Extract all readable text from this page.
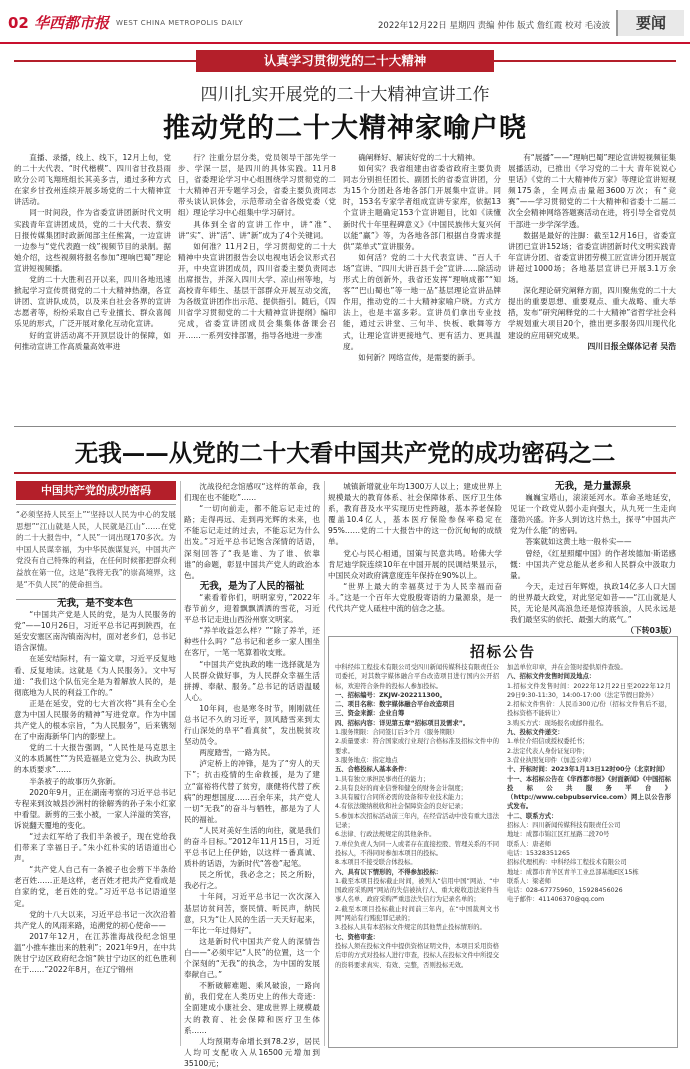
02 华西都市报 WEST CHINA METROPOLIS DAILY	2022年12月22日 星期四 责编 仲伟 版式 詹红霞 校对 毛凌波	要闻
认真学习贯彻党的二十大精神
四川扎实开展党的二十大精神宣讲工作
推动党的二十大精神家喻户晓

直播、录播，线上、线下，12月上旬，党的二十大代表、“时代楷模”、四川省甘孜县雨欧分公司飞翔班组长其美多吉，通过多种方式在家乡甘孜州连续开展多场党的二十大精神宣讲活动。

同一时间段，作为省委宣讲团新时代文明实践青年宣讲团成员，党的二十大代表、蔡安日报传媒集团时政新闻部主任熊嵩，一边宣讲一边参与“党代表跑一线”视频节目的录制。据她介绍，这些视频将报名参加“理响巴蜀”理论宣讲短视频播。

党的二十大胜利召开以来，四川各地迅速掀起学习宣传贯彻党的二十大精神热潮，各宣讲团、宣讲队成员，以及来自社会各界的宣讲志愿者等，纷纷采取自己专业擅长、群众喜闻乐见的形式，广泛开展对象化互动化宣讲。

好的宣讲活动离不开顶层设计的保障，如何推动宣讲工作高质量高效率进

行？注重分层分类，党员领导干部先学一步、学深一层，是四川的具体实践。11月8日，省委理论学习中心组围绕学习贯彻党的二十大精神召开专题学习会，省委主要负责同志带头谈认识体会，示范带动全省各级党委（党组）理论学习中心组集中学习研讨。

具体到全省的宣讲工作中，讲“准”、讲“实”、讲“活”、讲“新”成为了4个关键词。

如何准？11月2日，学习贯彻党的二十大精神中央宣讲团报告会以电视电话会议形式召开，中央宣讲团成员，四川省委主要负责同志出席报告，并深入四川大学、凉山州等地，与高校青年师生、基层干部群众开展互动交流，为各级宣讲团作出示范、提供指引。随后，《四川省学习贯彻党的二十大精神宣讲提纲》编印完成，省委宣讲团成员会集集体备课会召开……一系列安排部署，指导各地进一步准

确阐释好、解读好党的二十大精神。

如何实？我省组建由省委省政府主要负责同志分别担任团长、副团长的省委宣讲团，分为15个分团赴各地各部门开展集中宣讲。同时，153名专家学者组成宣讲专家库，依据13个宣讲主题确定153个宣讲题目，比如《读懂新时代十年里程碑意义》《中国民族伟大复兴何以能“赢”》等，为各地各部门根据自身需求提供“菜单式”宣讲服务。

如何活？党的二十大代表宣讲、“百人千场”宣讲、“四川大讲百县千会”宣讲……除活动形式上的创新外，我省还发挥“理响成都”“知客”“巴山蜀也”等一地一品”基层理论宣讲品牌作用，推动党的二十大精神家喻户晓。方式方法上，也是丰富多彩。宣讲员们拿出专业技能，通过云讲堂、三句半、快板、歌舞等方式，让理论宣讲更接地气、更有活力、更具温度。

如何新？网络宣传，是需要的新手。

有“展播”——“理响巴蜀”理论宣讲短视频征集展播活动，已推出《学习党的二十大 青年说说心里话》《党的二十大精神传万家》等理论宣讲短视频175条，全网点击量超3600万次；有“竞赛”——学习贯彻党的二十大精神和省委十二届二次全会精神网络答题赛活动在进，将引导全省党员干部进一步学深学透。

数据是最好的注脚：截至12月16日，省委宣讲团已宣讲152场；省委宣讲团新时代文明实践青年宣讲分团、省委宣讲团劳模工匠宣讲分团开展宣讲超过1000场；各地基层宣讲已开展3.1万余场。

深化理论研究阐释方面，四川聚焦党的二十大提出的重要思想、重要观点、重大战略、重大举措，发布“研究阐释党的二十大精神”省哲学社会科学规划重大项目20个，推出更多服务四川现代化建设的应用研究成果。

四川日报全媒体记者 吴浩

无我——从党的二十大看中国共产党的成功密码之二
中国共产党的成功密码
“必须坚持人民至上”“坚持以人民为中心的发展思想”“江山就是人民，人民就是江山”……在党的二十大报告中，“人民”一词出现170多次。为中国人民谋幸福，为中华民族谋复兴，中国共产党没有自己特殊的利益，在任何时候都把群众利益放在第一位，这是“我将无我”的崇高境界，这是“不负人民”的使命担当。

无我，是不变本色

“中国共产党是人民的党，是为人民服务的党”——10月26日，习近平总书记再到陕西，在延安安塞区南沟镇南沟村，面对老乡们，总书记语含深情。

在延安结际村，有一篇文章，习近平反复地看、反复地读。这就是《为人民服务》。文中写道：“我们这个队伍完全是为着解放人民的，是彻底地为人民的利益工作的。”

正是在延安，党的七大首次将“具有全心全意为中国人民服务的精神”写进党章。作为中国共产党人的根本宗旨，“为人民服务”，后来镌刻在了中南海新华门内的影壁上。

党的二十大报告强调，“人民性是马克思主义的本质属性”“为民造福是立党为公、执政为民的本质要求”……

半条被子的故事历久弥新。

2020年9月，正在湖南考察的习近平总书记专程来到汝城县沙洲村的徐解秀的孙子朱小红家中看望。新剪的三张小被，一家人洋溢的笑容，诉说翻天覆地的变化。

“过去红军给了我们半条被子，现在党给我们带来了幸福日子。”朱小红朴实的话语道出心声。

“共产党人自己有一条被子也会剪下半条给老百姓……正是这样，老百姓才把共产党看成是自家的党，老百姓的党。”习近平总书记语道坚定。

党的十八大以来，习近平总书记一次次沿着共产党人的风雨来路，追溯党的初心使命——

2017年12月，在江苏淮海战役纪念馆里温“小推车推出来的胜利”；2021年9月，在中共陕甘宁边区政府纪念馆“陕甘宁边区的红色胜利在于……”2022年8月，在辽宁锦州

沈战役纪念馆感叹“这样的革命，我们现在也不能吃”……

“一切向前走，都不能忘记走过的路；走得再远、走到再光辉的未来，也不能忘记走过的过去，不能忘记为什么出发。”习近平总书记饱含深情的话语，深刻回答了“我是谁、为了谁、依靠谁”的命题，彰显中国共产党人的政治本色。

无我，是为了人民的福祉

“素看着你们，明明家穷，”2022年春节前夕，迎着飘飘洒洒的雪花，习近平总书记走进山西汾州察文明家。

“养羊收益怎么样？”“除了养羊，还种些什么吗？”总书记和老乡一家人围坐在客厅，一笔一笔算着收支账。

“中国共产党执政的唯一选择就是为人民群众做好事，为人民群众幸福生活拼搏、奉献、服务。”总书记的话语温暖人心。

10年间，也是寒冬时节，刚刚就任总书记不久的习近平，顶风踏雪来到太行山深处的阜平“看真贫”，发出脱贫攻坚动员令。

两度踏雪，一路为民。

泸定桥上的冲锋，是为了“穷人的天下”；抗击疫情的生命救援，是为了建立“富裕将代替了贫穷，康健将代替了疾病”的理想国度……百余年来，共产党人一切“无我”的奋斗与牺牲，都是为了人民的福祉。

“人民对美好生活的向往，就是我们的奋斗目标。”2012年11月15日，习近平总书记上任伊始，以这样一番真诚、质朴的话语，为新时代“答卷”起笔。

民之所忧，我必念之；民之所盼，我必行之。

十年间，习近平总书记一次次深入基层访贫问苦，察民情、听民声，纳民意，只为“让人民的生活一天天好起来，一年比一年过得好”。

这是新时代中国共产党人的深情告白——“必须牢记“人民”的位置，这一个个深刻的“无我”的执念，为中国的发展奉献自己。”

不断破解难题、乘风破浪，一路向前，我们党在人类历史上的伟大奇迹：全面建成小康社会、建成世界上规模最大的教育、社会保障和医疗卫生体系……

人均预期寿命增长到78.2岁，居民人均可支配收入从16500元增加到35100元；

城镇新增就业年均1300万人以上；建成世界上规模最大的教育体系、社会保障体系、医疗卫生体系，教育普及水平实现历史性跨越，基本养老保险覆盖10.4亿人，基本医疗保险参保率稳定在95%……党的二十大报告中的这一份沉甸甸的成绩单。

党心与民心相通，国策与民意共鸣。哈佛大学肯尼迪学院连续10年在中国开展的民调结果显示，中国民众对政府满意度连年保持在90%以上。

“世界上最大的幸福莫过于为人民幸福而奋斗。”这是一个百年大党殷殷寄语的力量源泉，是一代代共产党人砥柱中流的信念之基。

无我，是力量源泉

巍巍宝塔山，滚滚延河水。革命圣地延安，见证一个政党从弱小走向强大，从九死一生走向蓬勃兴盛。许多人到访这片热土，探寻“中国共产党为什么能”的密码。

答案就如这黄土地一般朴实——

曾经，《红星照耀中国》的作者埃德加·斯诺感慨：中国共产党总能从老乡和人民群众中汲取力量。

今天，走过百年辉煌，执政14亿多人口大国的世界最大政党，对此坚定如昔——“江山就是人民，无论是风高浪急还是惊涛骇浪，人民永远是我们最坚实的依托、最强大的底气。”

（下转03版）

招标公告

中科经纬工程技术有限公司受四川新闻传媒科技有限责任公司委托，对其数字媒体融合平台改造项目进行国内公开招标，欢迎符合条件的投标人参加投标。

一、招标编号：ZKJW-202211300。

二、项目名称：数字媒体融合平台改造项目

三、资金来源：企业自筹

四、招标内容：详见第五章“招标项目及需求”。

1.服务期限：合同签订后3个月（服务期限）

2.质量要求：符合国家或行业现行合格标准及招标文件中的要求。

3.服务地点：指定地点

五、合格投标人基本条件：

1.具有独立承担民事责任的能力；

2.具有良好的商业信誉和健全的财务会计制度；

3.具有履行合同所必需的设备和专业技术能力；

4.有依法缴纳税收和社会保障资金的良好记录；

5.参加本次招标活动前三年内，在经营活动中没有重大违法记录；

6.法律、行政法规规定的其他条件。

7.单位负责人为同一人或者存在直接控股、管理关系的不同投标人，不得同时参加本项目的投标。

8.本项目不接受联合体投标。

六、具有以下情形的，不得参加投标：

1.截至本项目投标截止时间，被列入“信用中国”网站、“中国政府采购网”网站的失信被执行人、重大税收违法案件当事人名单、政府采购严重违法失信行为记录名单的；

2.截至本项目投标截止时间前三年内，在“中国裁判文书网”网站有行贿犯罪记录的；

3.投标人具有本招标文件规定的其他禁止投标情形的。

七、资格审查：

投标人须在投标文件中提供资格证明文件，本项目采用资格后审的方式对投标人进行审查，投标人在投标文件中所提交的资料要求真实、有效、完整，否则投标无效。

加盖单位印章，并在会签时提供原件查验。

八、招标文件发售时间及地点：

1.招标文件发售时间：2022年12月22日至2022年12月29日9:30-11:30，14:00-17:00（法定节假日除外）

2.招标文件售价：人民币300元/份（招标文件售后不退，投标资格不能转让）

3.购买方式：现场报名或邮件报名。

九、投标文件递交：

1.单位介绍信或授权委托书；

2.法定代表人身份证复印件；

3.营业执照复印件（加盖公章）

十、开标时间：2023年1月13日12时00分（北京时间）

十一、本招标公告在《华西都市报》《封面新闻》《中国招标投标公共服务平台》（http://www.cebpubservice.com）网上以公告形式发布。

十二、联系方式：

招标人：四川新闻传媒科技有限责任公司

地址：成都市锦江区红星路二段70号

联系人：唐老师

电话：15328351265

招标代理机构：中科经纬工程技术有限公司

地址：成都市青羊区青羊工业总部基地E区15栋

联系人：梁老师

电话：028-67775960、15928456026

电子邮件：411406370@qq.com
